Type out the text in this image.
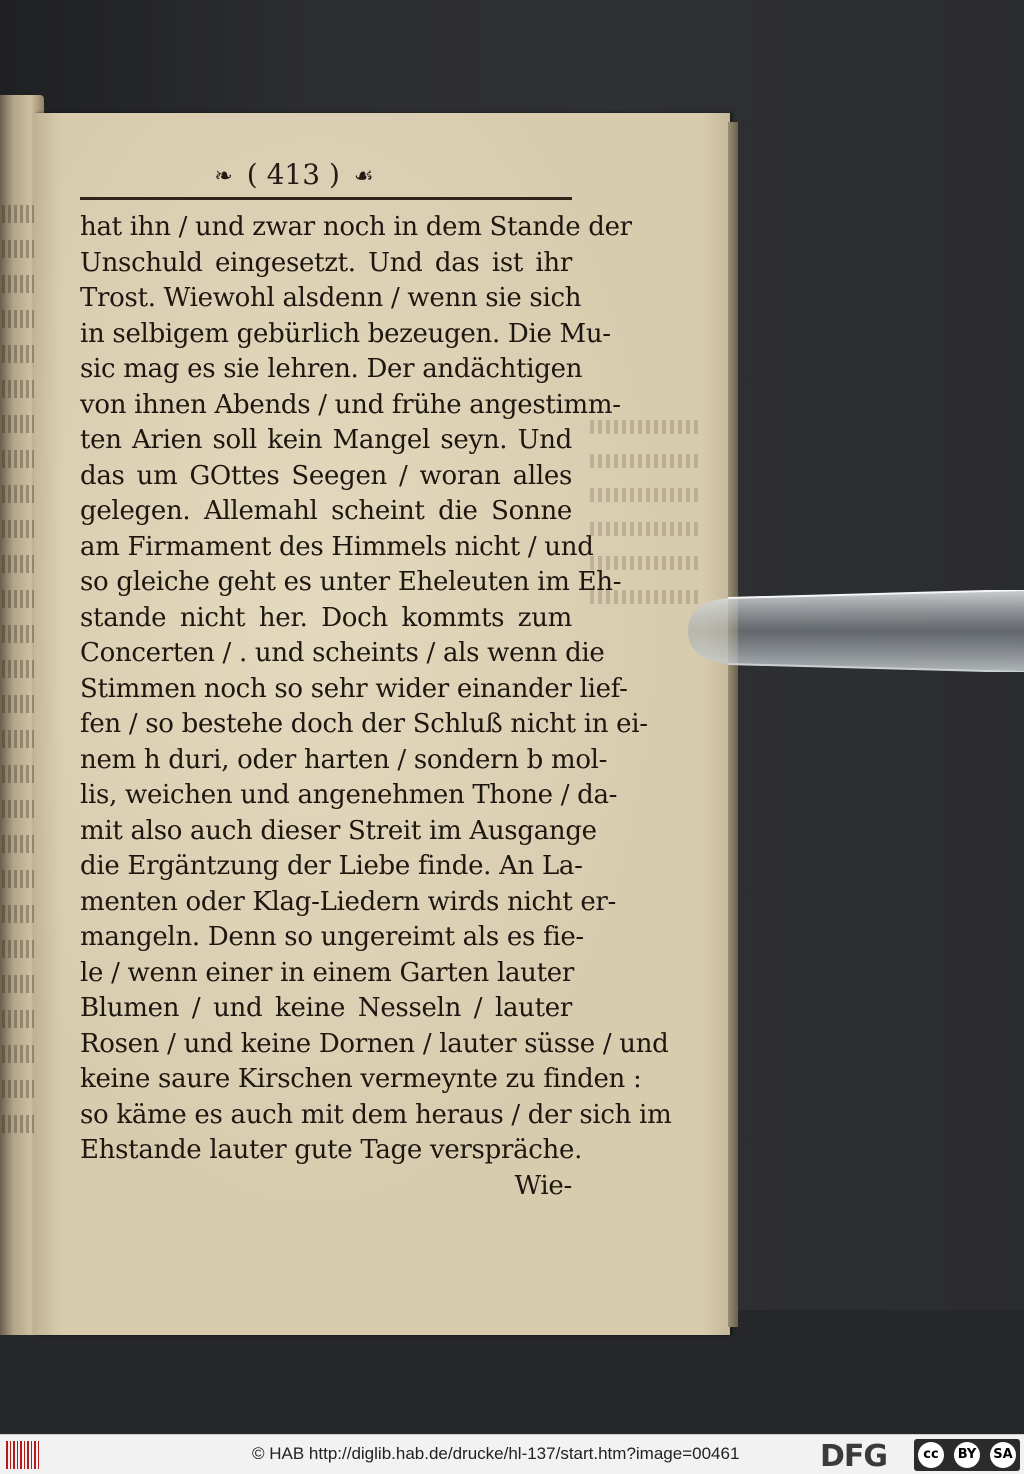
❧ ( 413 ) ☙
hat ihn / und zwar noch in dem Stande der
Unschuld eingesetzt. Und das ist ihr
Trost. Wiewohl alsdenn / wenn sie sich
in selbigem gebürlich bezeugen. Die Mu-
sic mag es sie lehren. Der andächtigen
von ihnen Abends / und frühe angestimm-
ten Arien soll kein Mangel seyn. Und
das um GOttes Seegen / woran alles
gelegen. Allemahl scheint die Sonne
am Firmament des Himmels nicht / und
so gleiche geht es unter Eheleuten im Eh-
stande nicht her. Doch kommts zum
Concerten / . und scheints / als wenn die
Stimmen noch so sehr wider einander lief-
fen / so bestehe doch der Schluß nicht in ei-
nem h duri, oder harten / sondern b mol-
lis, weichen und angenehmen Thone / da-
mit also auch dieser Streit im Ausgange
die Ergäntzung der Liebe finde. An La-
menten oder Klag-Liedern wirds nicht er-
mangeln. Denn so ungereimt als es fie-
le / wenn einer in einem Garten lauter
Blumen / und keine Nesseln / lauter
Rosen / und keine Dornen / lauter süsse / und
keine saure Kirschen vermeynte zu finden :
so käme es auch mit dem heraus / der sich im
Ehstande lauter gute Tage verspräche.
Wie-
© HAB http://diglib.hab.de/drucke/hl-137/start.htm?image=00461	DFG	cc	BY SA
